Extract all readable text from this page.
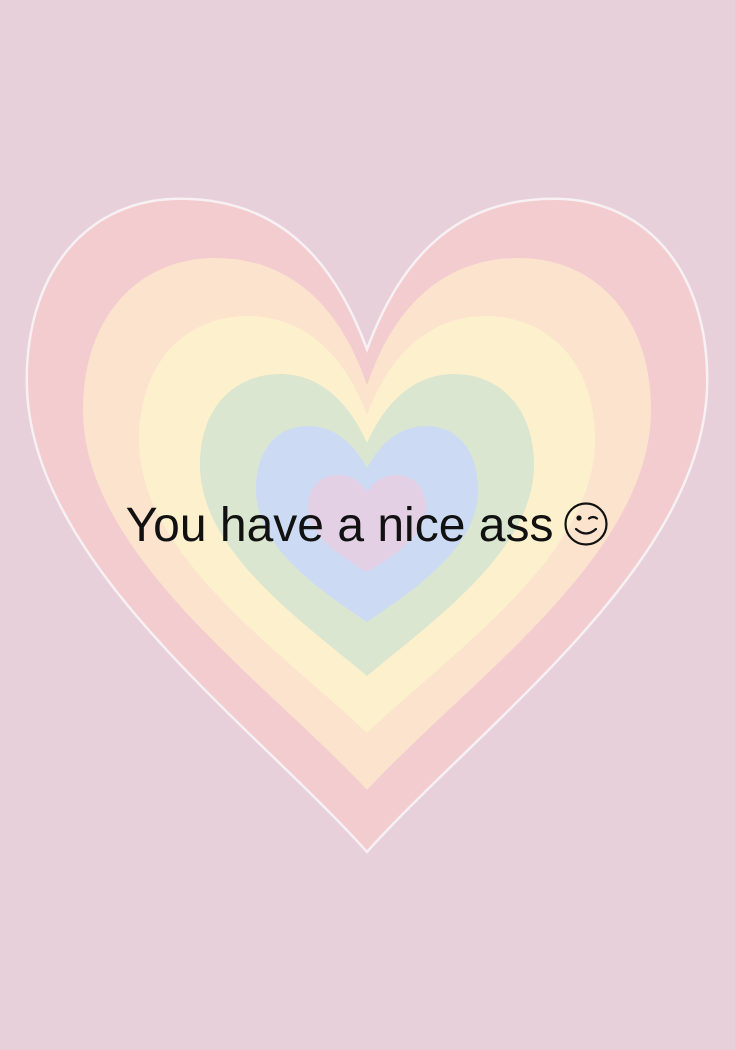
You have a nice ass
